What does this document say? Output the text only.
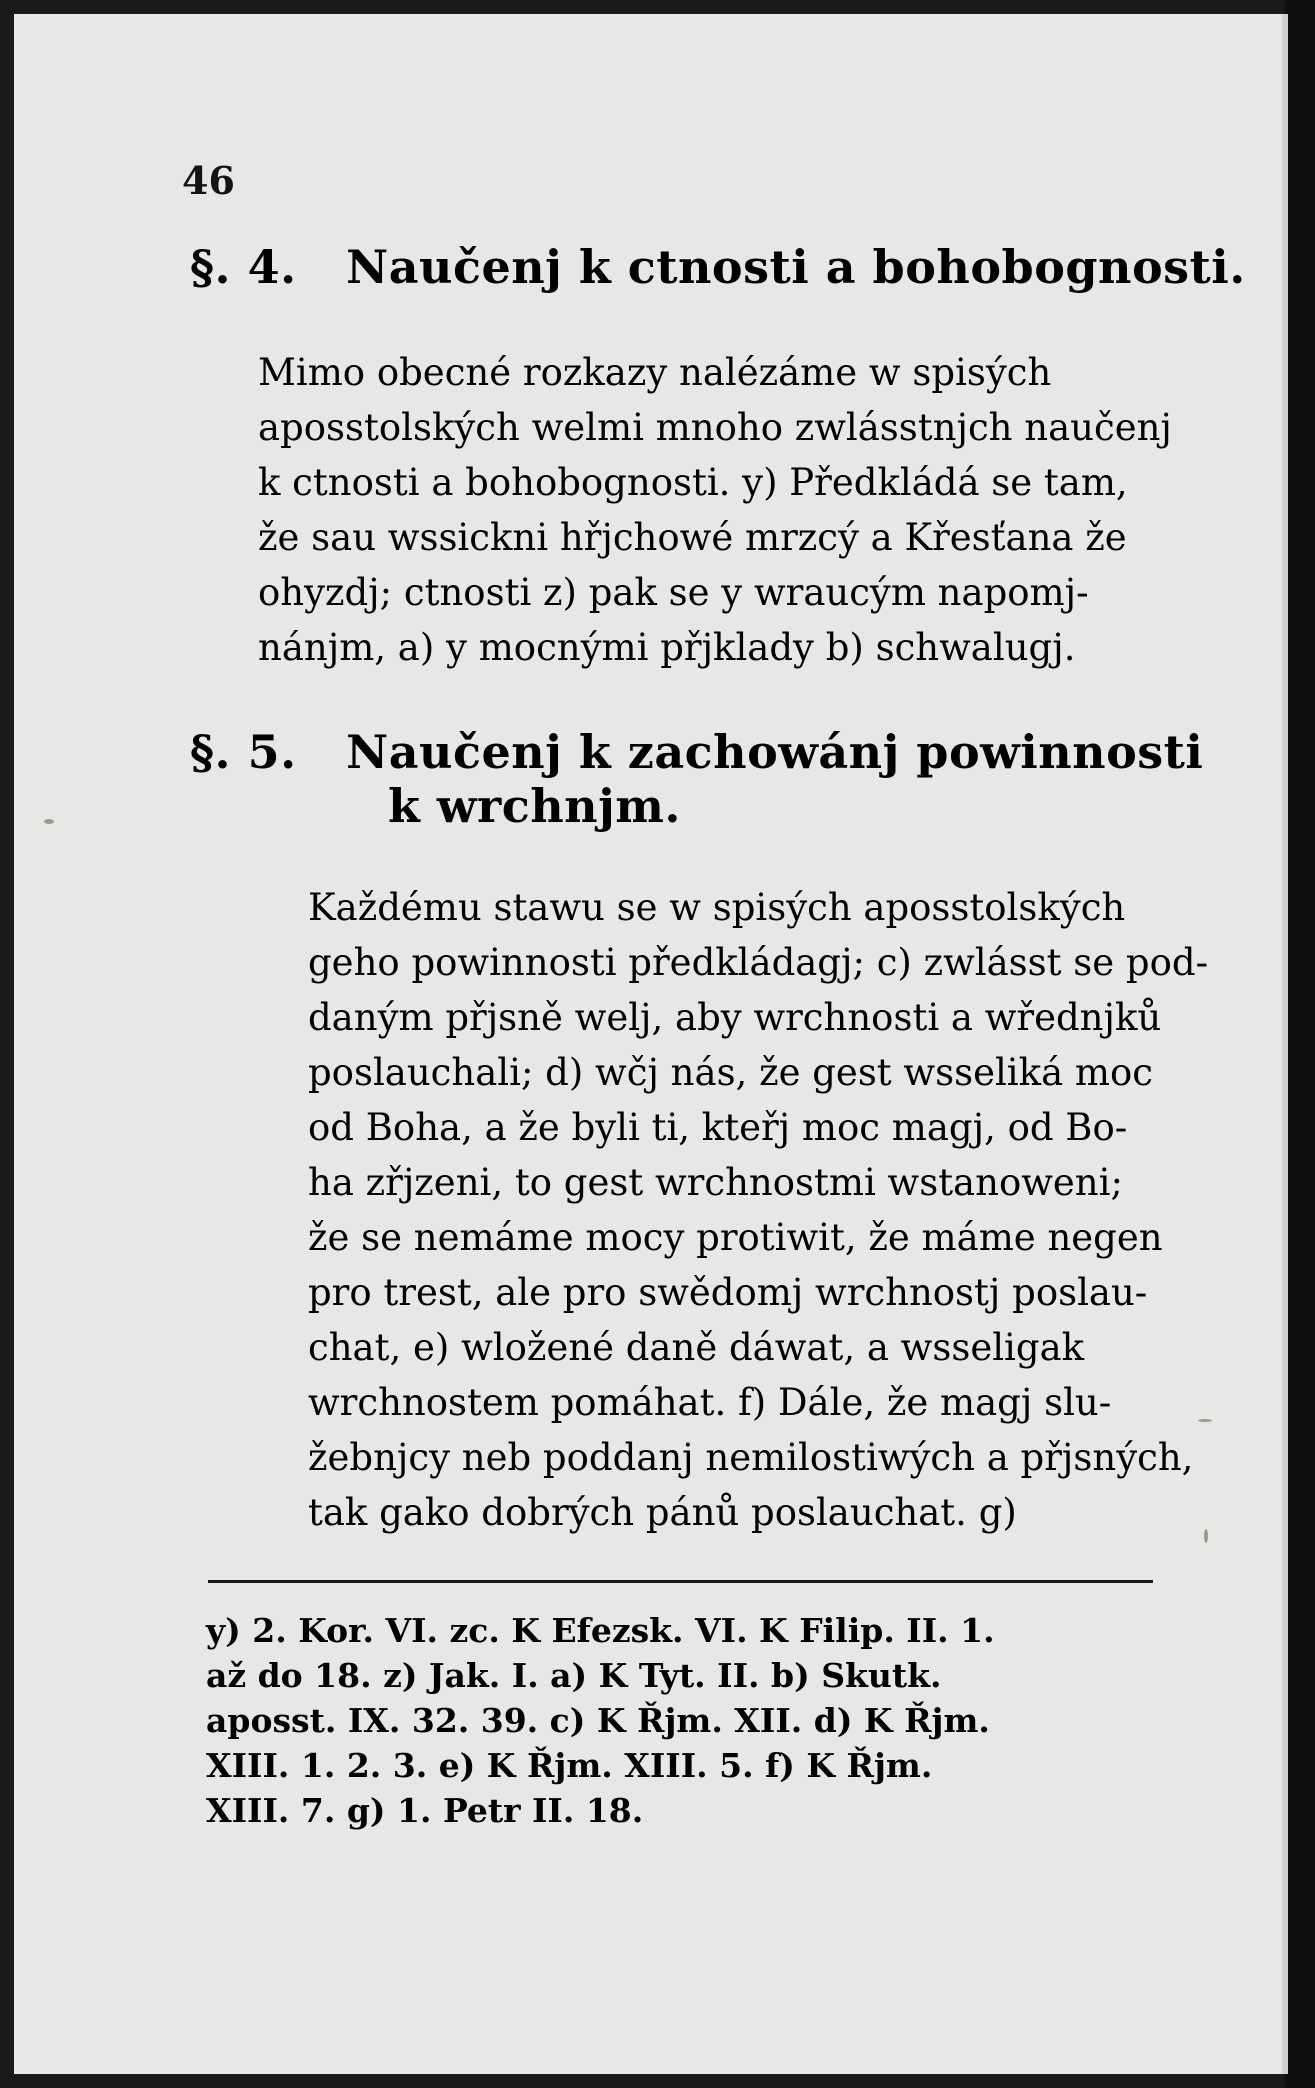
46
§. 4. Naučenj k ctnosti a bohobognosti.
Mimo obecné rozkazy nalézáme w spisých
aposstolských welmi mnoho zwlásstnjch naučenj
k ctnosti a bohobognosti. y) Předkládá se tam,
že sau wssickni hřjchowé mrzcý a Křesťana že
ohyzdj; ctnosti z) pak se y wraucým napomj-
nánjm, a) y mocnými přjklady b) schwalugj.
§. 5. Naučenj k zachowánj powinnosti
k wrchnjm.
Každému stawu se w spisých aposstolských
geho powinnosti předkládagj; c) zwlásst se pod-
daným přjsně welj, aby wrchnosti a wřednjků
poslauchali; d) wčj nás, že gest wsseliká moc
od Boha, a že byli ti, kteřj moc magj, od Bo-
ha zřjzeni, to gest wrchnostmi wstanoweni;
že se nemáme mocy protiwit, že máme negen
pro trest, ale pro swědomj wrchnostj poslau-
chat, e) wložené daně dáwat, a wsseligak
wrchnostem pomáhat. f) Dále, že magj slu-
žebnjcy neb poddanj nemilostiwých a přjsných,
tak gako dobrých pánů poslauchat. g)
y) 2. Kor. VI. zc. K Efezsk. VI. K Filip. II. 1.
až do 18. z) Jak. I. a) K Tyt. II. b) Skutk.
aposst. IX. 32. 39. c) K Řjm. XII. d) K Řjm.
XIII. 1. 2. 3. e) K Řjm. XIII. 5. f) K Řjm.
XIII. 7. g) 1. Petr II. 18.
